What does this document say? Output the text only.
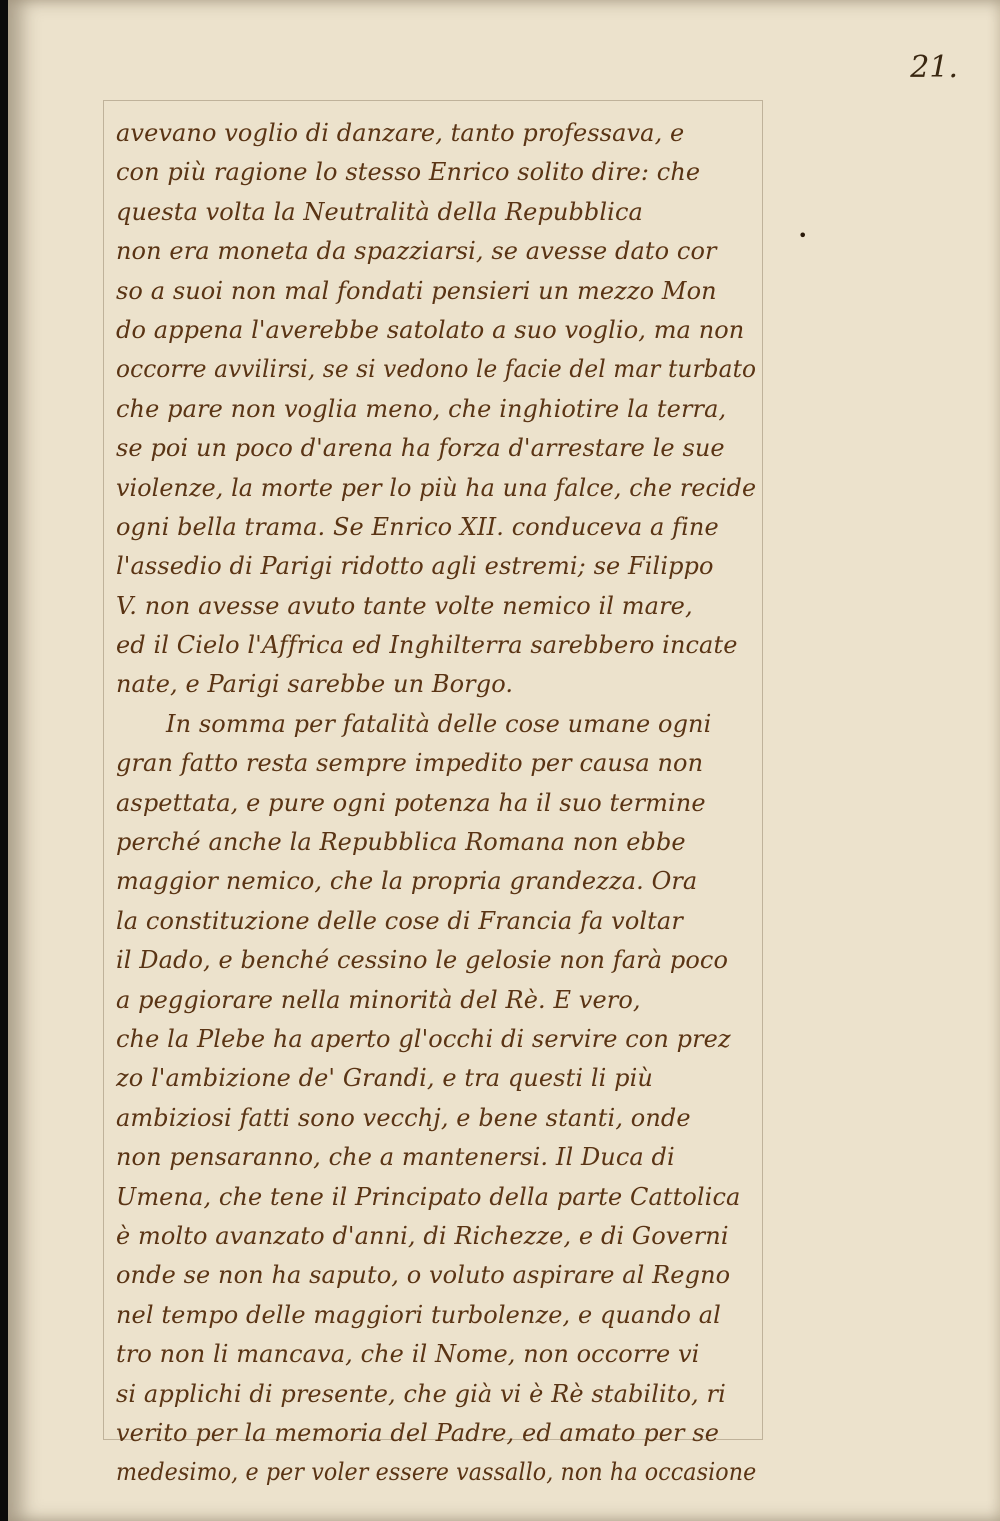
21.
•
avevano voglio di danzare, tanto professava, e
con più ragione lo stesso Enrico solito dire: che
questa volta la Neutralità della Repubblica
non era moneta da spazziarsi, se avesse dato cor
so a suoi non mal fondati pensieri un mezzo Mon
do appena l'averebbe satolato a suo voglio, ma non
occorre avvilirsi, se si vedono le facie del mar turbato
che pare non voglia meno, che inghiotire la terra,
se poi un poco d'arena ha forza d'arrestare le sue
violenze, la morte per lo più ha una falce, che recide
ogni bella trama. Se Enrico XII. conduceva a fine
l'assedio di Parigi ridotto agli estremi; se Filippo
V. non avesse avuto tante volte nemico il mare,
ed il Cielo l'Affrica ed Inghilterra sarebbero incate
nate, e Parigi sarebbe un Borgo.
In somma per fatalità delle cose umane ogni
gran fatto resta sempre impedito per causa non
aspettata, e pure ogni potenza ha il suo termine
perché anche la Repubblica Romana non ebbe
maggior nemico, che la propria grandezza. Ora
la constituzione delle cose di Francia fa voltar
il Dado, e benché cessino le gelosie non farà poco
a peggiorare nella minorità del Rè. E vero,
che la Plebe ha aperto gl'occhi di servire con prez
zo l'ambizione de' Grandi, e tra questi li più
ambiziosi fatti sono vecchj, e bene stanti, onde
non pensaranno, che a mantenersi. Il Duca di
Umena, che tene il Principato della parte Cattolica
è molto avanzato d'anni, di Richezze, e di Governi
onde se non ha saputo, o voluto aspirare al Regno
nel tempo delle maggiori turbolenze, e quando al
tro non li mancava, che il Nome, non occorre vi
si applichi di presente, che già vi è Rè stabilito, ri
verito per la memoria del Padre, ed amato per se
medesimo, e per voler essere vassallo, non ha occasione
